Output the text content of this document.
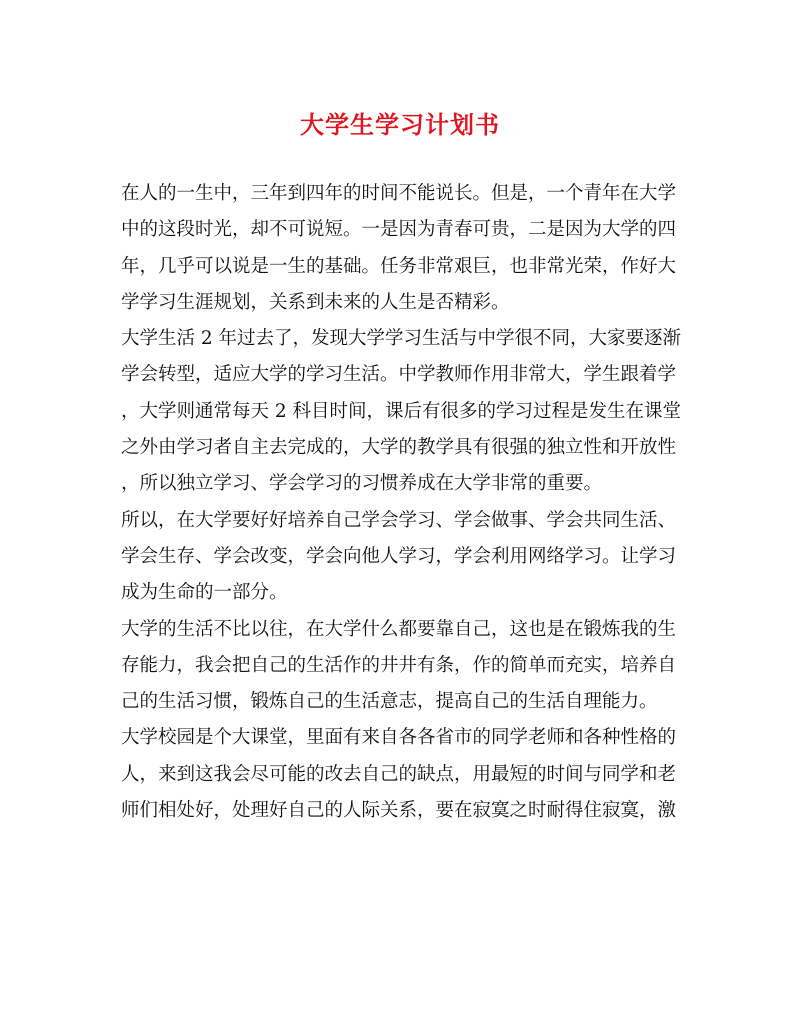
大学生学习计划书
在人的一生中，三年到四年的时间不能说长。但是，一个青年在大学
中的这段时光，却不可说短。一是因为青春可贵，二是因为大学的四
年，几乎可以说是一生的基础。任务非常艰巨，也非常光荣，作好大
学学习生涯规划，关系到未来的人生是否精彩。
大学生活 2 年过去了，发现大学学习生活与中学很不同，大家要逐渐
学会转型，适应大学的学习生活。中学教师作用非常大，学生跟着学
，大学则通常每天 2 科目时间，课后有很多的学习过程是发生在课堂
之外由学习者自主去完成的，大学的教学具有很强的独立性和开放性
，所以独立学习、学会学习的习惯养成在大学非常的重要。
所以，在大学要好好培养自己学会学习、学会做事、学会共同生活、
学会生存、学会改变，学会向他人学习，学会利用网络学习。让学习
成为生命的一部分。
大学的生活不比以往，在大学什么都要靠自己，这也是在锻炼我的生
存能力，我会把自己的生活作的井井有条，作的简单而充实，培养自
己的生活习惯，锻炼自己的生活意志，提高自己的生活自理能力。
大学校园是个大课堂，里面有来自各各省市的同学老师和各种性格的
人，来到这我会尽可能的改去自己的缺点，用最短的时间与同学和老
师们相处好，处理好自己的人际关系，要在寂寞之时耐得住寂寞，激
